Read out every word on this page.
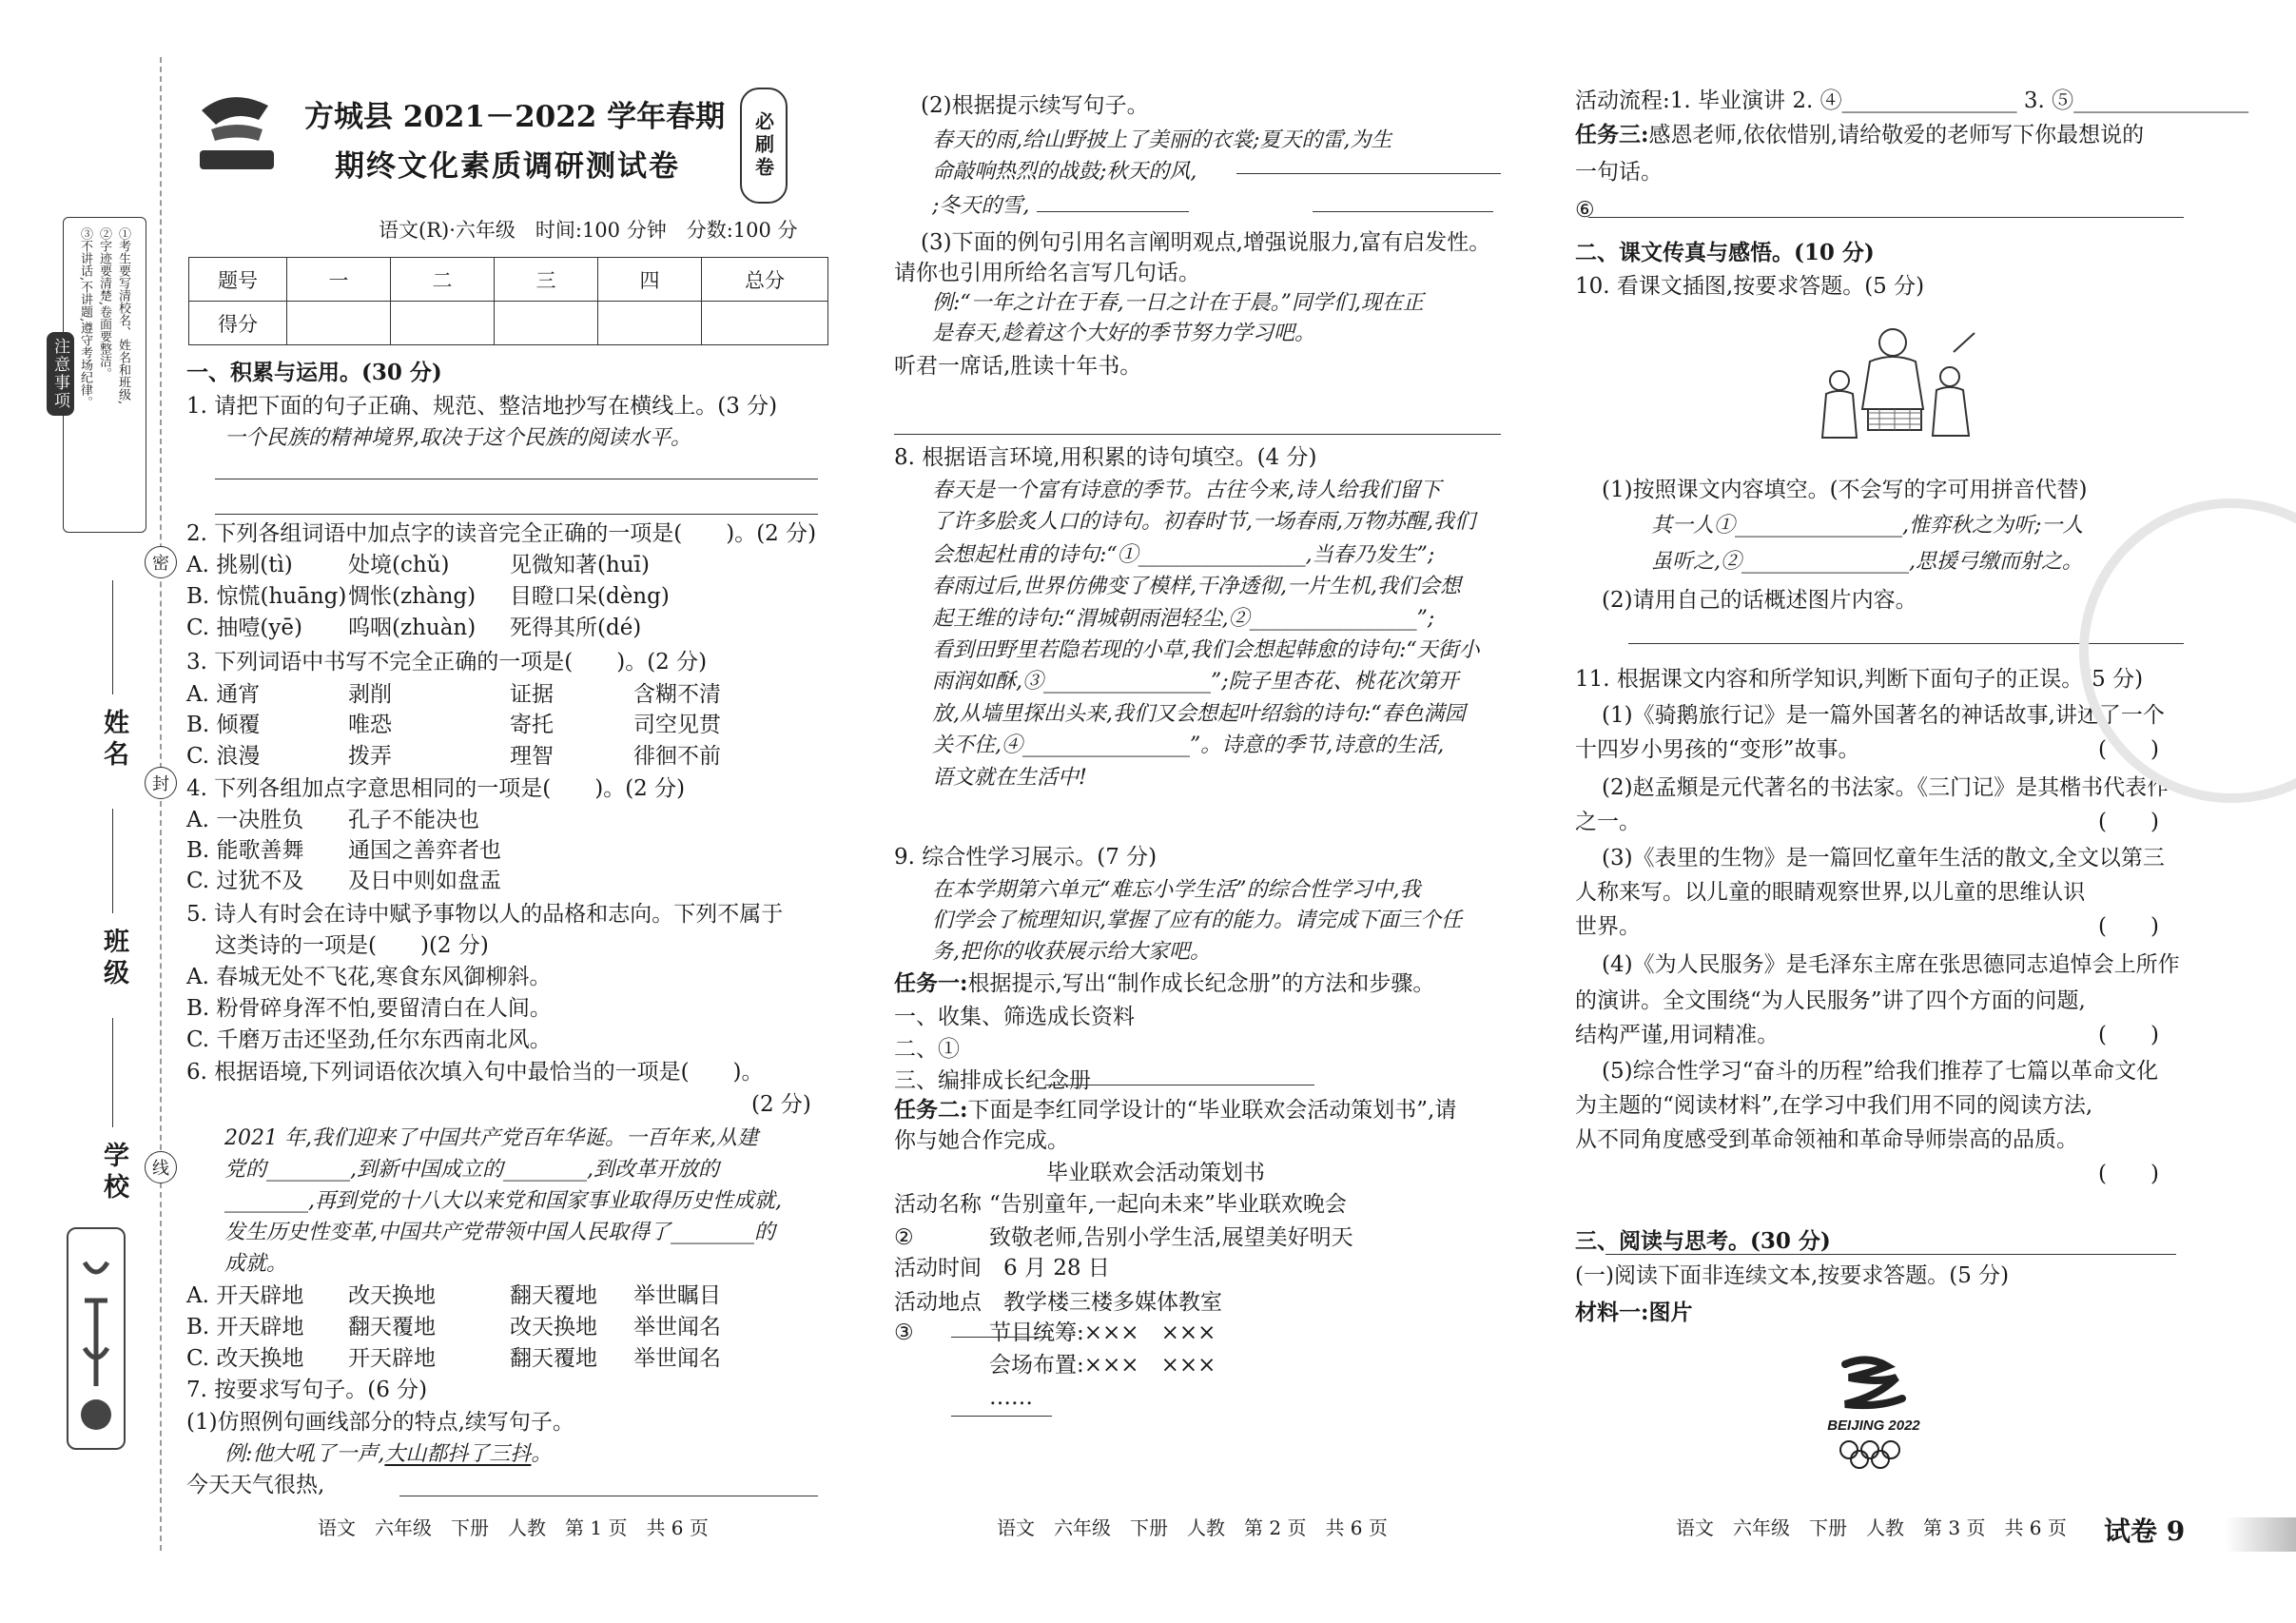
注意事项	①考生要写清校名、姓名和班级,
②字迹要清楚,卷面要整洁。
③不讲话,不讲题,遵守考场纪律。
密
封
线
姓名
班级
学校
方城县 2021－2022 学年春期
期终文化素质调研测试卷	必刷卷
语文(R)·六年级　时间:100 分钟　分数:100 分
题号	一	二	三	四	总分
得分					
一、积累与运用。(30 分)
1. 请把下面的句子正确、规范、整洁地抄写在横线上。(3 分)
一个民族的精神境界,取决于这个民族的阅读水平。
2. 下列各组词语中加点字的读音完全正确的一项是(　　)。(2 分)
A. 挑剔(tì)	处境(chǔ)	见微知著(huī)
B. 惊慌(huāng) 惆怅(zhàng) 目瞪口呆(dèng)
C. 抽噎(yē) 呜咽(zhuàn) 死得其所(dé)
3. 下列词语中书写不完全正确的一项是(　　)。(2 分)
A. 通宵	剥削	证据	含糊不清
B. 倾覆	唯恐	寄托	司空见贯
C. 浪漫	拨弄	理智	徘徊不前
4. 下列各组加点字意思相同的一项是(　　)。(2 分)
A. 一决胜负 孔子不能决也
B. 能歌善舞 通国之善弈者也
C. 过犹不及 及日中则如盘盂
5. 诗人有时会在诗中赋予事物以人的品格和志向。下列不属于
这类诗的一项是(　　)(2 分)
A. 春城无处不飞花,寒食东风御柳斜。
B. 粉骨碎身浑不怕,要留清白在人间。
C. 千磨万击还坚劲,任尔东西南北风。
6. 根据语境,下列词语依次填入句中最恰当的一项是(　　)。
(2 分)
2021 年,我们迎来了中国共产党百年华诞。一百年来,从建
党的________,到新中国成立的________,到改革开放的
________,再到党的十八大以来党和国家事业取得历史性成就,
发生历史性变革,中国共产党带领中国人民取得了________的
成就。
A. 开天辟地 改天换地	翻天覆地 举世瞩目
B. 开天辟地 翻天覆地	改天换地 举世闻名
C. 改天换地 开天辟地	翻天覆地 举世闻名
7. 按要求写句子。(6 分)
(1)仿照例句画线部分的特点,续写句子。
例:他大吼了一声,大山都抖了三抖。
今天天气很热,
(2)根据提示续写句子。
春天的雨,给山野披上了美丽的衣裳;夏天的雷,为生
命敲响热烈的战鼓;秋天的风,
;冬天的雪,
(3)下面的例句引用名言阐明观点,增强说服力,富有启发性。
请你也引用所给名言写几句话。
例:“一年之计在于春,一日之计在于晨。”同学们,现在正
是春天,趁着这个大好的季节努力学习吧。
听君一席话,胜读十年书。
8. 根据语言环境,用积累的诗句填空。(4 分)
春天是一个富有诗意的季节。古往今来,诗人给我们留下
了许多脍炙人口的诗句。初春时节,一场春雨,万物苏醒,我们
会想起杜甫的诗句:“①________________,当春乃发生”;
春雨过后,世界仿佛变了模样,干净透彻,一片生机,我们会想
起王维的诗句:“渭城朝雨浥轻尘,②________________”;
看到田野里若隐若现的小草,我们会想起韩愈的诗句:“天街小
雨润如酥,③________________”;院子里杏花、桃花次第开
放,从墙里探出头来,我们又会想起叶绍翁的诗句:“春色满园
关不住,④________________”。诗意的季节,诗意的生活,
语文就在生活中!
9. 综合性学习展示。(7 分)
在本学期第六单元“难忘小学生活”的综合性学习中,我
们学会了梳理知识,掌握了应有的能力。请完成下面三个任
务,把你的收获展示给大家吧。
任务一:根据提示,写出“制作成长纪念册”的方法和步骤。
一、收集、筛选成长资料
二、①
三、编排成长纪念册
任务二:下面是李红同学设计的“毕业联欢会活动策划书”,请
你与她合作完成。
毕业联欢会活动策划书
活动名称 “告别童年,一起向未来”毕业联欢晚会
②	致敬老师,告别小学生活,展望美好明天
活动时间　6 月 28 日
活动地点　教学楼三楼多媒体教室
③	节目统筹:×××　×××
会场布置:×××　×××
……
活动流程:1. 毕业演讲 2. ④________________ 3. ⑤________________
任务三:感恩老师,依依惜别,请给敬爱的老师写下你最想说的
一句话。
⑥
二、课文传真与感悟。(10 分)
10. 看课文插图,按要求答题。(5 分)
(1)按照课文内容填空。(不会写的字可用拼音代替)
其一人①________________,惟弈秋之为听;一人
虽听之,②________________,思援弓缴而射之。
(2)请用自己的话概述图片内容。
11. 根据课文内容和所学知识,判断下面句子的正误。(5 分)
(1)《骑鹅旅行记》是一篇外国著名的神话故事,讲述了一个
十四岁小男孩的“变形”故事。	(　　)
(2)赵孟頫是元代著名的书法家。《三门记》是其楷书代表作
之一。	(　　)
(3)《表里的生物》是一篇回忆童年生活的散文,全文以第三
人称来写。以儿童的眼睛观察世界,以儿童的思维认识
世界。	(　　)
(4)《为人民服务》是毛泽东主席在张思德同志追悼会上所作
的演讲。全文围绕“为人民服务”讲了四个方面的问题,
结构严谨,用词精准。	(　　)
(5)综合性学习“奋斗的历程”给我们推荐了七篇以革命文化
为主题的“阅读材料”,在学习中我们用不同的阅读方法,
从不同角度感受到革命领袖和革命导师崇高的品质。
(　　)
三、阅读与思考。(30 分)
(一)阅读下面非连续文本,按要求答题。(5 分)
材料一:图片
BEIJING 2022
语文　六年级　下册　人教　第 1 页　共 6 页	语文　六年级　下册　人教　第 2 页　共 6 页	语文　六年级　下册　人教　第 3 页　共 6 页 试卷 9
